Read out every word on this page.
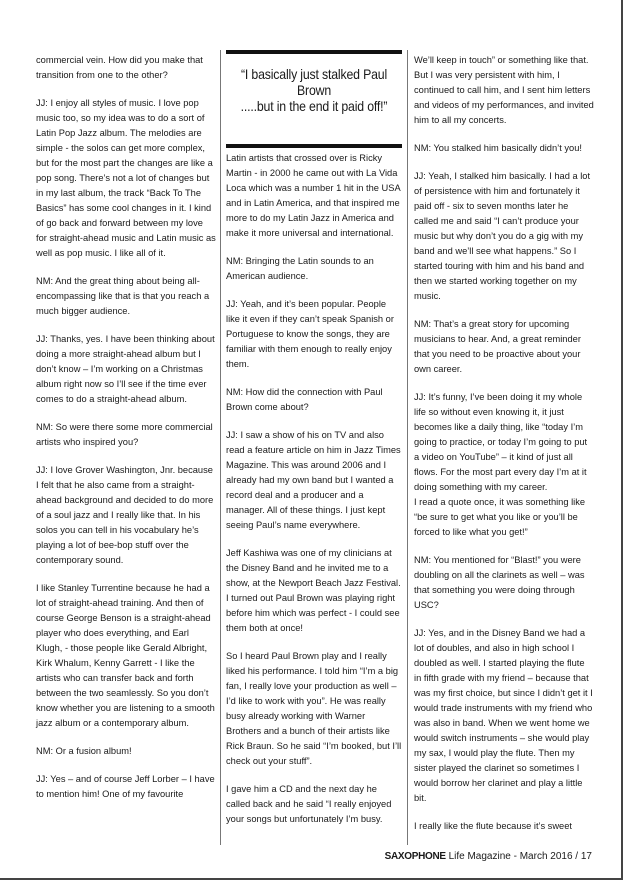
commercial vein. How did you make that transition from one to the other?

JJ: I enjoy all styles of music. I love pop music too, so my idea was to do a sort of Latin Pop Jazz album. The melodies are simple - the solos can get more complex, but for the most part the changes are like a pop song. There’s not a lot of changes but in my last album, the track “Back To The Basics” has some cool changes in it. I kind of go back and forward between my love for straight-ahead music and Latin music as well as pop music. I like all of it.

NM: And the great thing about being all-encompassing like that is that you reach a much bigger audience.

JJ: Thanks, yes. I have been thinking about doing a more straight-ahead album but I don’t know – I’m working on a Christmas album right now so I’ll see if the time ever comes to do a straight-ahead album.

NM: So were there some more commercial artists who inspired you?

JJ: I love Grover Washington, Jnr. because I felt that he also came from a straight-ahead background and decided to do more of a soul jazz and I really like that. In his solos you can tell in his vocabulary he’s playing a lot of bee-bop stuff over the contemporary sound.

I like Stanley Turrentine because he had a lot of straight-ahead training. And then of course George Benson is a straight-ahead player who does everything, and Earl Klugh, - those people like Gerald Albright, Kirk Whalum, Kenny Garrett - I like the artists who can transfer back and forth between the two seamlessly. So you don’t know whether you are listening to a smooth jazz album or a contemporary album.

NM: Or a fusion album!

JJ: Yes – and of course Jeff Lorber – I have to mention him! One of my favourite

“I basically just stalked Paul Brown
.....but in the end it paid off!”

Latin artists that crossed over is Ricky Martin - in 2000 he came out with La Vida Loca which was a number 1 hit in the USA and in Latin America, and that inspired me more to do my Latin Jazz in America and make it more universal and international.

NM: Bringing the Latin sounds to an American audience.

JJ: Yeah, and it’s been popular. People like it even if they can’t speak Spanish or Portuguese to know the songs, they are familiar with them enough to really enjoy them.

NM: How did the connection with Paul Brown come about?

JJ: I saw a show of his on TV and also read a feature article on him in Jazz Times Magazine. This was around 2006 and I already had my own band but I wanted a record deal and a producer and a manager. All of these things. I just kept seeing Paul’s name everywhere.

Jeff Kashiwa was one of my clinicians at the Disney Band and he invited me to a show, at the Newport Beach Jazz Festival. I turned out Paul Brown was playing right before him which was perfect - I could see them both at once!

So I heard Paul Brown play and I really liked his performance. I told him “I’m a big fan, I really love your production as well – I’d like to work with you”. He was really busy already working with Warner Brothers and a bunch of their artists like Rick Braun. So he said “I’m booked, but I’ll check out your stuff”.

I gave him a CD and the next day he called back and he said “I really enjoyed your songs but unfortunately I’m busy.

We’ll keep in touch” or something like that. But I was very persistent with him, I continued to call him, and I sent him letters and videos of my performances, and invited him to all my concerts.

NM: You stalked him basically didn’t you!

JJ: Yeah, I stalked him basically. I had a lot of persistence with him and fortunately it paid off - six to seven months later he called me and said “I can’t produce your music but why don’t you do a gig with my band and we’ll see what happens.” So I started touring with him and his band and then we started working together on my music.

NM: That’s a great story for upcoming musicians to hear. And, a great reminder that you need to be proactive about your own career.

JJ: It’s funny, I’ve been doing it my whole life so without even knowing it, it just becomes like a daily thing, like “today I’m going to practice, or today I’m going to put a video on YouTube” – it kind of just all flows. For the most part every day I’m at it doing something with my career.
I read a quote once, it was something like “be sure to get what you like or you’ll be forced to like what you get!”

NM: You mentioned for “Blast!” you were doubling on all the clarinets as well – was that something you were doing through USC?

JJ: Yes, and in the Disney Band we had a lot of doubles, and also in high school I doubled as well. I started playing the flute in fifth grade with my friend – because that was my first choice, but since I didn’t get it I would trade instruments with my friend who was also in band. When we went home we would switch instruments – she would play my sax, I would play the flute. Then my sister played the clarinet so sometimes I would borrow her clarinet and play a little bit.

I really like the flute because it’s sweet

SAXOPHONE Life Magazine - March 2016 / 17
